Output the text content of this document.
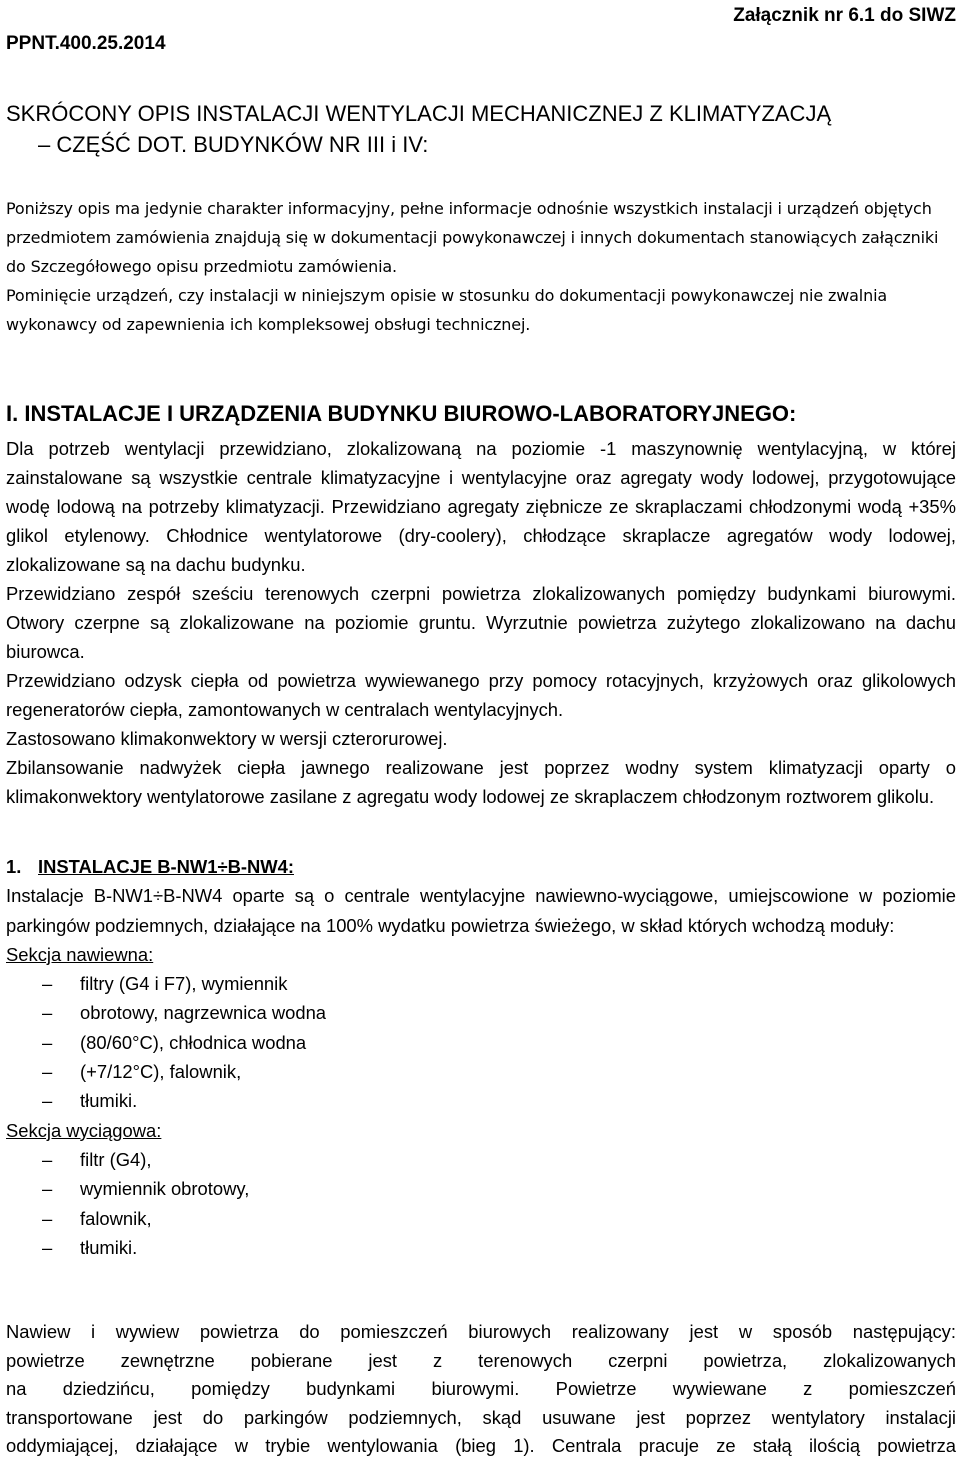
PPNT.400.25.2014
Załącznik nr 6.1 do SIWZ
SKRÓCONY OPIS INSTALACJI WENTYLACJI MECHANICZNEJ Z KLIMATYZACJĄ
– CZĘŚĆ DOT. BUDYNKÓW NR III i IV:

Poniższy opis ma jedynie charakter informacyjny, pełne informacje odnośnie wszystkich instalacji i urządzeń objętych przedmiotem zamówienia znajdują się w dokumentacji powykonawczej i innych dokumentach stanowiących załączniki do Szczegółowego opisu przedmiotu zamówienia.

Pominięcie urządzeń, czy instalacji w niniejszym opisie w stosunku do dokumentacji powykonawczej nie zwalnia wykonawcy od zapewnienia ich kompleksowej obsługi technicznej.

I. INSTALACJE I URZĄDZENIA BUDYNKU BIUROWO-LABORATORYJNEGO:

Dla potrzeb wentylacji przewidziano, zlokalizowaną na poziomie -1 maszynownię wentylacyjną, w której zainstalowane są wszystkie centrale klimatyzacyjne i wentylacyjne oraz agregaty wody lodowej, przygotowujące wodę lodową na potrzeby klimatyzacji. Przewidziano agregaty ziębnicze ze skraplaczami chłodzonymi wodą +35% glikol etylenowy. Chłodnice wentylatorowe (dry-coolery), chłodzące skraplacze agregatów wody lodowej, zlokalizowane są na dachu budynku.

Przewidziano zespół sześciu terenowych czerpni powietrza zlokalizowanych pomiędzy budynkami biurowymi. Otwory czerpne są zlokalizowane na poziomie gruntu. Wyrzutnie powietrza zużytego zlokalizowano na dachu biurowca.

Przewidziano odzysk ciepła od powietrza wywiewanego przy pomocy rotacyjnych, krzyżowych oraz glikolowych regeneratorów ciepła, zamontowanych w centralach wentylacyjnych.

Zastosowano klimakonwektory w wersji czterorurowej.

Zbilansowanie nadwyżek ciepła jawnego realizowane jest poprzez wodny system klimatyzacji oparty o klimakonwektory wentylatorowe zasilane z agregatu wody lodowej ze skraplaczem chłodzonym roztworem glikolu.

1. INSTALACJE B-NW1÷B-NW4:

Instalacje B-NW1÷B-NW4 oparte są o centrale wentylacyjne nawiewno-wyciągowe, umiejscowione w poziomie parkingów podziemnych, działające na 100% wydatku powietrza świeżego, w skład których wchodzą moduły:

Sekcja nawiewna:
– filtry (G4 i F7), wymiennik
– obrotowy, nagrzewnica wodna
– (80/60°C), chłodnica wodna
– (+7/12°C), falownik,
– tłumiki.
Sekcja wyciągowa:
– filtr (G4),
– wymiennik obrotowy,
– falownik,
– tłumiki.

Nawiew i wywiew powietrza do pomieszczeń biurowych realizowany jest w sposób następujący:

powietrze zewnętrzne pobierane jest z terenowych czerpni powietrza, zlokalizowanych

na dziedzińcu, pomiędzy budynkami biurowymi. Powietrze wywiewane z pomieszczeń

transportowane jest do parkingów podziemnych, skąd usuwane jest poprzez wentylatory instalacji

oddymiającej, działające w trybie wentylowania (bieg 1). Centrala pracuje ze stałą ilością powietrza
